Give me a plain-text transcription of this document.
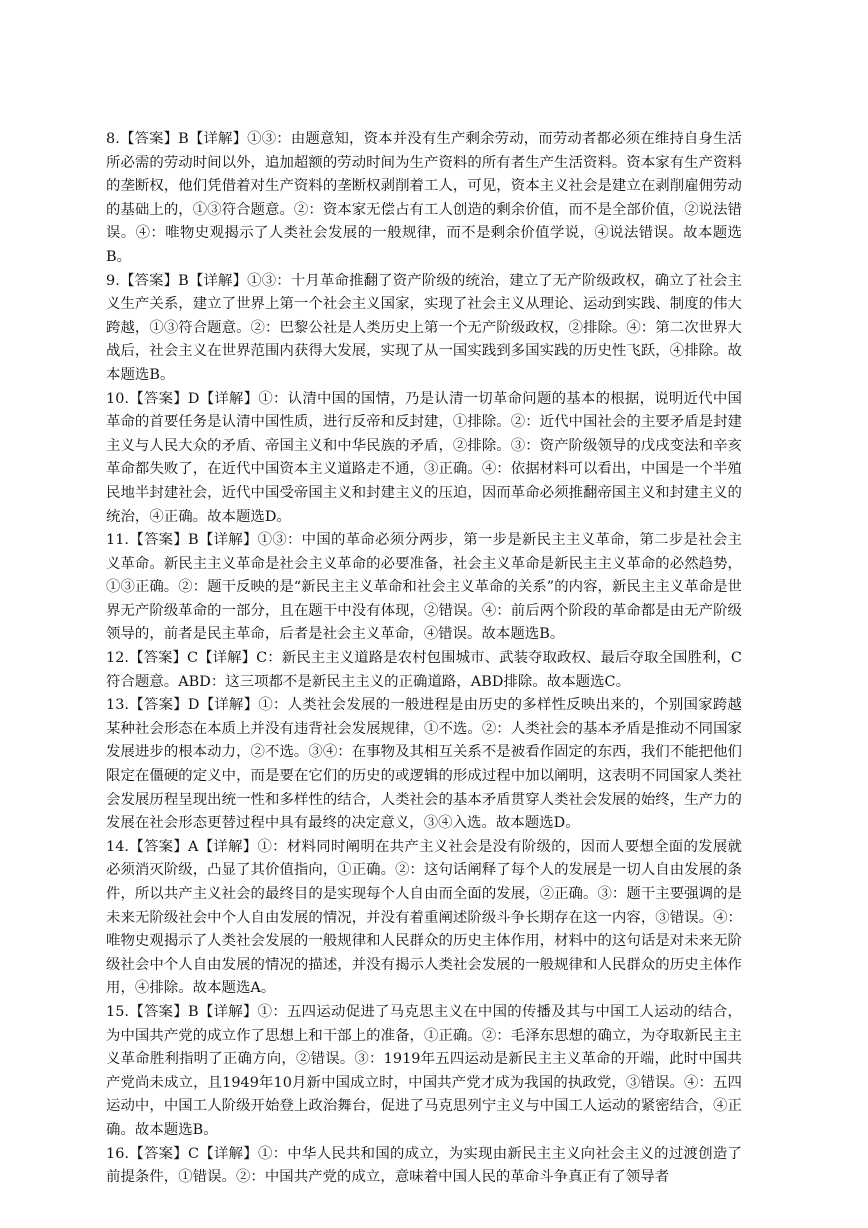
8.【答案】B【详解】①③：由题意知，资本并没有生产剩余劳动，而劳动者都必须在维持自身生活所必需的劳动时间以外，追加超额的劳动时间为生产资料的所有者生产生活资料。资本家有生产资料的垄断权，他们凭借着对生产资料的垄断权剥削着工人，可见，资本主义社会是建立在剥削雇佣劳动的基础上的，①③符合题意。②：资本家无偿占有工人创造的剩余价值，而不是全部价值，②说法错误。④：唯物史观揭示了人类社会发展的一般规律，而不是剩余价值学说，④说法错误。故本题选B。

9.【答案】B【详解】①③：十月革命推翻了资产阶级的统治，建立了无产阶级政权，确立了社会主义生产关系，建立了世界上第一个社会主义国家，实现了社会主义从理论、运动到实践、制度的伟大跨越，①③符合题意。②：巴黎公社是人类历史上第一个无产阶级政权，②排除。④：第二次世界大战后，社会主义在世界范围内获得大发展，实现了从一国实践到多国实践的历史性飞跃，④排除。故本题选B。

10.【答案】D【详解】①：认清中国的国情，乃是认清一切革命问题的基本的根据，说明近代中国革命的首要任务是认清中国性质，进行反帝和反封建，①排除。②：近代中国社会的主要矛盾是封建主义与人民大众的矛盾、帝国主义和中华民族的矛盾，②排除。③：资产阶级领导的戊戌变法和辛亥革命都失败了，在近代中国资本主义道路走不通，③正确。④：依据材料可以看出，中国是一个半殖民地半封建社会，近代中国受帝国主义和封建主义的压迫，因而革命必须推翻帝国主义和封建主义的统治，④正确。故本题选D。

11.【答案】B【详解】①③：中国的革命必须分两步，第一步是新民主主义革命，第二步是社会主义革命。新民主主义革命是社会主义革命的必要准备，社会主义革命是新民主主义革命的必然趋势，①③正确。②：题干反映的是“新民主主义革命和社会主义革命的关系”的内容，新民主主义革命是世界无产阶级革命的一部分，且在题干中没有体现，②错误。④：前后两个阶段的革命都是由无产阶级领导的，前者是民主革命，后者是社会主义革命，④错误。故本题选B。

12.【答案】C【详解】C：新民主主义道路是农村包围城市、武装夺取政权、最后夺取全国胜利，C符合题意。ABD：这三项都不是新民主主义的正确道路，ABD排除。故本题选C。

13.【答案】D【详解】①：人类社会发展的一般进程是由历史的多样性反映出来的，个别国家跨越某种社会形态在本质上并没有违背社会发展规律，①不选。②：人类社会的基本矛盾是推动不同国家发展进步的根本动力，②不选。③④：在事物及其相互关系不是被看作固定的东西，我们不能把他们限定在僵硬的定义中，而是要在它们的历史的或逻辑的形成过程中加以阐明，这表明不同国家人类社会发展历程呈现出统一性和多样性的结合，人类社会的基本矛盾贯穿人类社会发展的始终，生产力的发展在社会形态更替过程中具有最终的决定意义，③④入选。故本题选D。

14.【答案】A【详解】①：材料同时阐明在共产主义社会是没有阶级的，因而人要想全面的发展就必须消灭阶级，凸显了其价值指向，①正确。②：这句话阐释了每个人的发展是一切人自由发展的条件，所以共产主义社会的最终目的是实现每个人自由而全面的发展，②正确。③：题干主要强调的是未来无阶级社会中个人自由发展的情况，并没有着重阐述阶级斗争长期存在这一内容，③错误。④：唯物史观揭示了人类社会发展的一般规律和人民群众的历史主体作用，材料中的这句话是对未来无阶级社会中个人自由发展的情况的描述，并没有揭示人类社会发展的一般规律和人民群众的历史主体作用，④排除。故本题选A。

15.【答案】B【详解】①：五四运动促进了马克思主义在中国的传播及其与中国工人运动的结合，为中国共产党的成立作了思想上和干部上的准备，①正确。②：毛泽东思想的确立，为夺取新民主主义革命胜利指明了正确方向，②错误。③：1919年五四运动是新民主主义革命的开端，此时中国共产党尚未成立，且1949年10月新中国成立时，中国共产党才成为我国的执政党，③错误。④：五四运动中，中国工人阶级开始登上政治舞台，促进了马克思列宁主义与中国工人运动的紧密结合，④正确。故本题选B。

16.【答案】C【详解】①：中华人民共和国的成立，为实现由新民主主义向社会主义的过渡创造了前提条件，①错误。②：中国共产党的成立，意味着中国人民的革命斗争真正有了领导者
